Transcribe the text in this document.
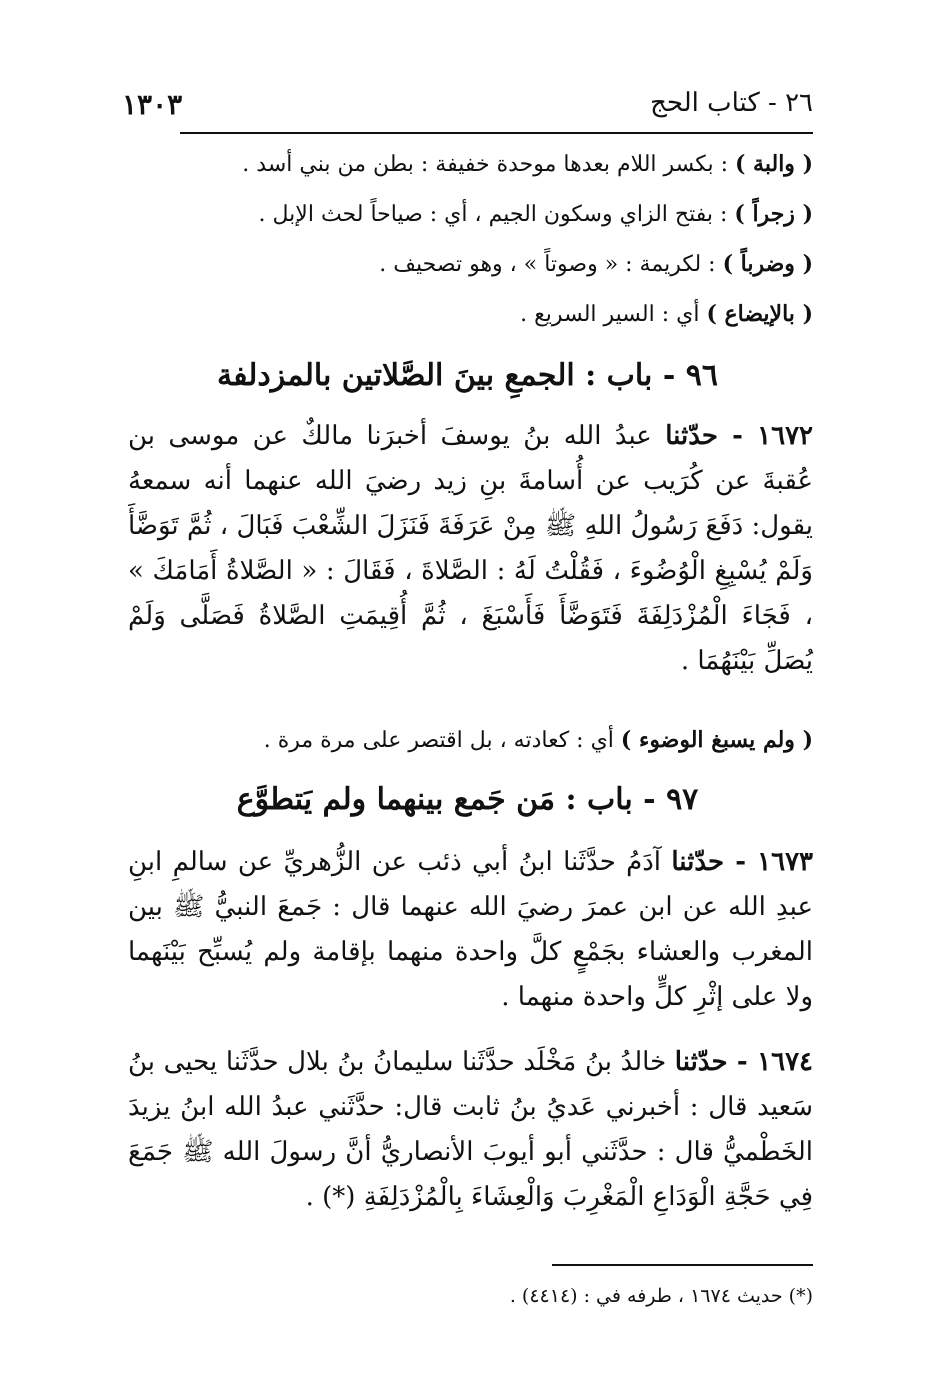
٢٦ - كتاب الحج
١٣٠٣
( والبة ) : بكسر اللام بعدها موحدة خفيفة : بطن من بني أسد .
( زجراً ) : بفتح الزاي وسكون الجيم ، أي : صياحاً لحث الإبل .
( وضرباً ) : لكريمة : « وصوتاً » ، وهو تصحيف .
( بالإيضاع ) أي : السير السريع .
٩٦ - باب : الجمعِ بينَ الصَّلاتين بالمزدلفة
١٦٧٢ - حدّثنا عبدُ الله بنُ يوسفَ أخبرَنا مالكٌ عن موسى بن عُقبةَ عن كُرَيب عن أُسامةَ بنِ زيد رضيَ الله عنهما أنه سمعهُ يقول: دَفَعَ رَسُولُ اللهِ ﷺ مِنْ عَرَفَةَ فَنَزَلَ الشِّعْبَ فَبَالَ ، ثُمَّ تَوَضَّأَ وَلَمْ يُسْبِغِ الْوُضُوءَ ، فَقُلْتُ لَهُ : الصَّلاةَ ، فَقَالَ : « الصَّلاةُ أَمَامَكَ » ، فَجَاءَ الْمُزْدَلِفَةَ فَتَوَضَّأَ فَأَسْبَغَ ، ثُمَّ أُقِيمَتِ الصَّلاةُ فَصَلَّى وَلَمْ يُصَلِّ بَيْنَهُمَا .
( ولم يسبغ الوضوء ) أي : كعادته ، بل اقتصر على مرة مرة .
٩٧ - باب : مَن جَمع بينهما ولم يَتطوَّع
١٦٧٣ - حدّثنا آدَمُ حدَّثَنا ابنُ أبي ذئب عن الزُّهريِّ عن سالمِ ابنِ عبدِ الله عن ابن عمرَ رضيَ الله عنهما قال : جَمعَ النبيُّ ﷺ بين المغرب والعشاء بجَمْعٍ كلَّ واحدة منهما بإقامة ولم يُسبِّح بَيْنَهما ولا على إثْرِ كلٍّ واحدة منهما .
١٦٧٤ - حدّثنا خالدُ بنُ مَخْلَد حدَّثَنا سليمانُ بنُ بلال حدَّثَنا يحيى بنُ سَعيد قال : أخبرني عَديُ بنُ ثابت قال: حدَّثَني عبدُ الله ابنُ يزيدَ الخَطْميُّ قال : حدَّثَني أبو أيوبَ الأنصاريُّ أنَّ رسولَ الله ﷺ جَمَعَ فِي حَجَّةِ الْوَدَاعِ الْمَغْرِبَ وَالْعِشَاءَ بِالْمُزْدَلِفَةِ (*) .
(*) حديث ١٦٧٤ ، طرفه في : (٤٤١٤) .
